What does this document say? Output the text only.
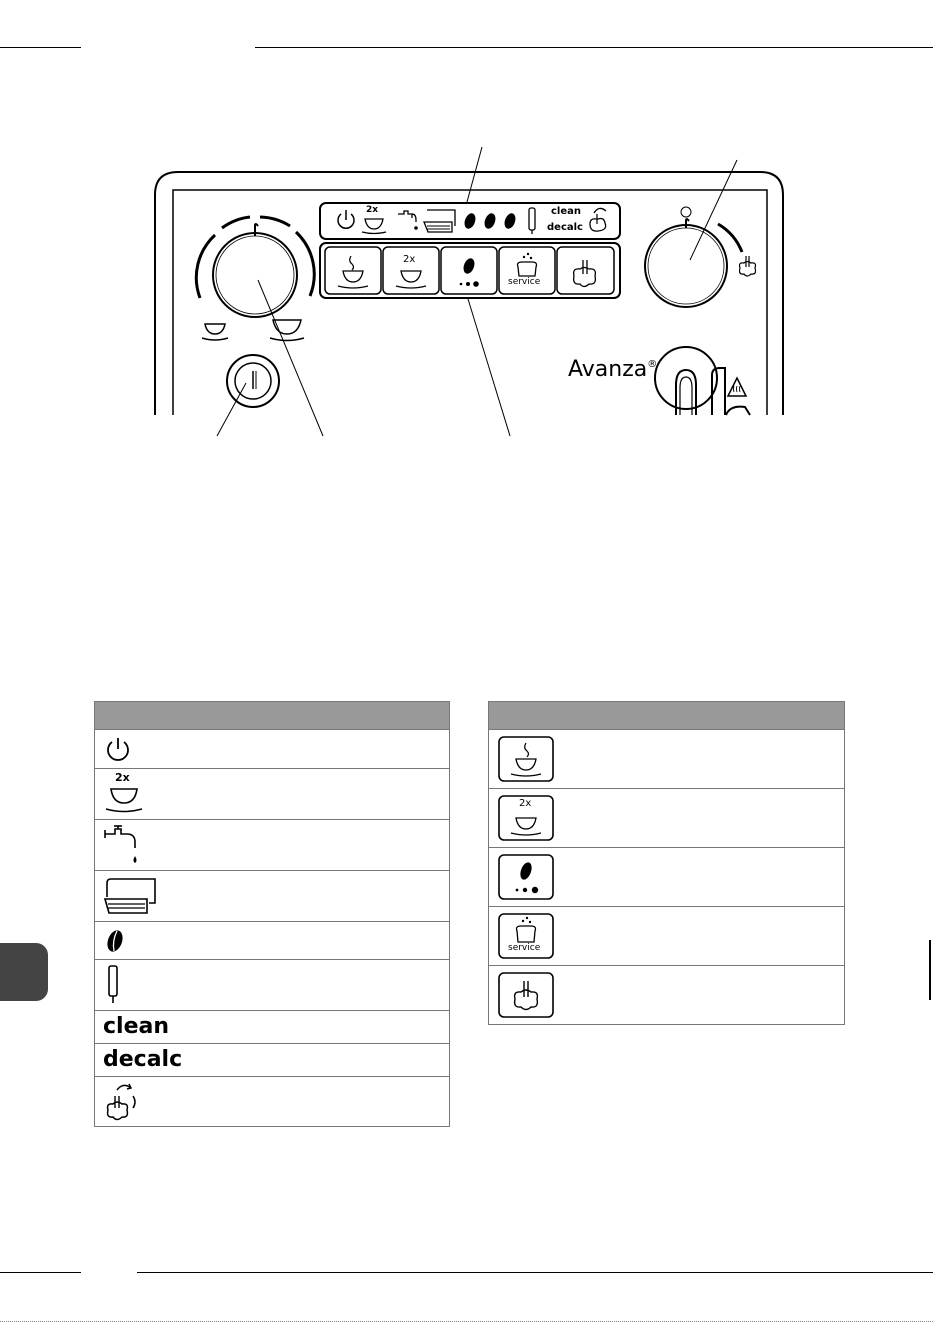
2x	clean
decalc
2x
service
Avanza®

2x

clean
decalc

2x

service
